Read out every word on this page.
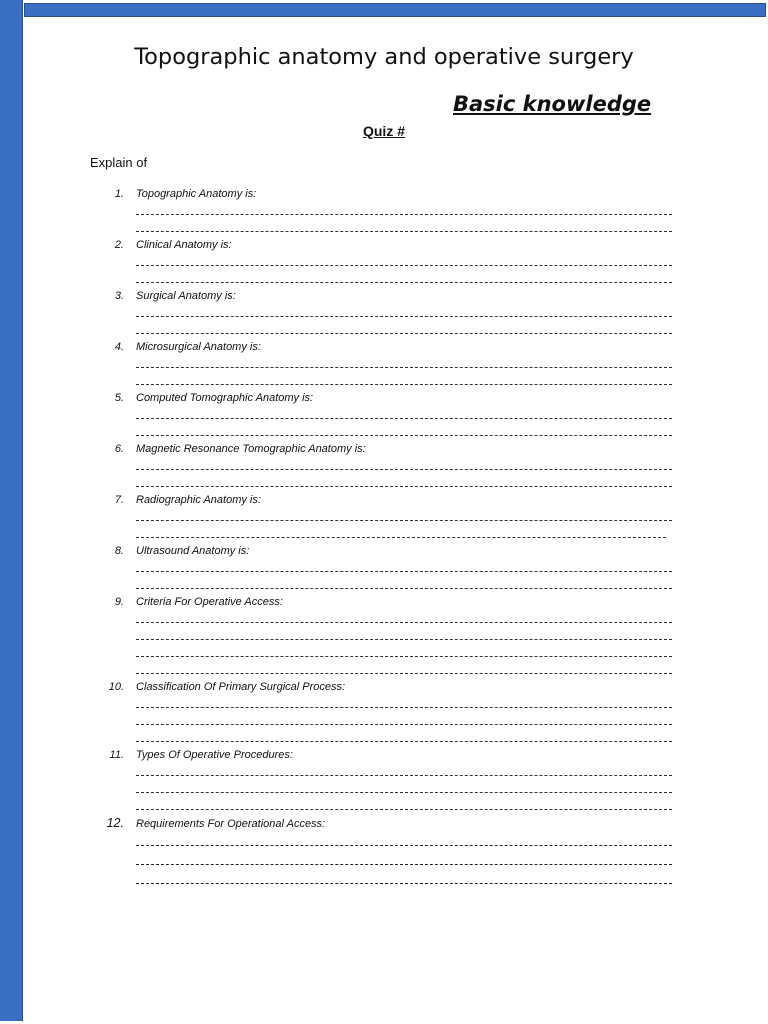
Topographic anatomy and operative surgery
Basic knowledge
Quiz #
Explain of
1. Topographic Anatomy is:
2. Clinical Anatomy is:
3. Surgical Anatomy is:
4. Microsurgical Anatomy is:
5. Computed Tomographic Anatomy is:
6. Magnetic Resonance Tomographic Anatomy is:
7. Radiographic Anatomy is:
8. Ultrasound Anatomy is:
9. Criteria For Operative Access:
10. Classification Of Primary Surgical Process:
11. Types Of Operative Procedures:
12. Requirements For Operational Access:
